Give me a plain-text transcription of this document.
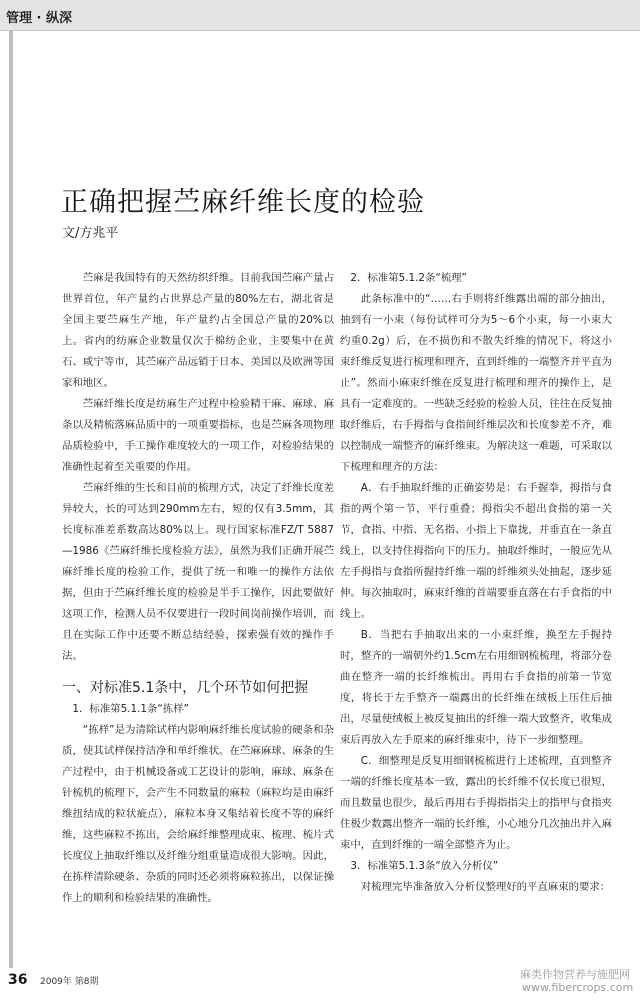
管理 · 纵深
正确把握苎麻纤维长度的检验
文/方兆平

苎麻是我国特有的天然纺织纤维。目前我国苎麻产量占世界首位，年产量约占世界总产量的80%左右，湖北省是全国主要苎麻生产地，年产量约占全国总产量的20%以上。省内的纺麻企业数量仅次于棉纺企业，主要集中在黄石、咸宁等市，其苎麻产品远销于日本、美国以及欧洲等国家和地区。

苎麻纤维长度是纺麻生产过程中检验精干麻、麻球、麻条以及精梳落麻品质中的一项重要指标，也是苎麻各项物理品质检验中，手工操作难度较大的一项工作，对检验结果的准确性起着至关重要的作用。

苎麻纤维的生长和目前的梳理方式，决定了纤维长度差异较大，长的可达到290mm左右，短的仅有3.5mm，其长度标准差系数高达80%以上。现行国家标准FZ/T 5887—1986《苎麻纤维长度检验方法》，虽然为我们正确开展苎麻纤维长度的检验工作，提供了统一和唯一的操作方法依据，但由于苎麻纤维长度的检验是半手工操作，因此要做好这项工作，检测人员不仅要进行一段时间岗前操作培训，而且在实际工作中还要不断总结经验，探索强有效的操作手法。

一、对标准5.1条中，几个环节如何把握

1．标准第5.1.1条“拣样”

“拣样”是为清除试样内影响麻纤维长度试验的硬条和杂质，使其试样保持洁净和单纤维状。在苎麻麻球、麻条的生产过程中，由于机械设备或工艺设计的影响，麻球、麻条在针梳机的梳理下，会产生不同数量的麻粒（麻粒均是由麻纤维扭结成的粒状疵点），麻粒本身又集结着长度不等的麻纤维，这些麻粒不拣出，会给麻纤维整理成束、梳理、梳片式长度仪上抽取纤维以及纤维分组重量造成很大影响。因此，在拣样清除硬条、杂质的同时还必须将麻粒拣出，以保证操作上的顺利和检验结果的准确性。

2．标准第5.1.2条“梳理”

此条标准中的“……右手则将纤维露出端的部分抽出，抽到有一小束（每份试样可分为5～6个小束，每一小束大约重0.2g）后，在不损伤和不散失纤维的情况下，将这小束纤维反复进行梳理和理齐，直到纤维的一端整齐并平直为止”。然而小麻束纤维在反复进行梳理和理齐的操作上，是具有一定难度的。一些缺乏经验的检验人员，往往在反复抽取纤维后，右手拇指与食指间纤维层次和长度参差不齐，难以控制成一端整齐的麻纤维束。为解决这一难题，可采取以下梳理和理齐的方法：

A．右手抽取纤维的正确姿势是：右手握拳，拇指与食指的两个第一节，平行重叠；拇指尖不超出食指的第一关节，食指、中指、无名指、小指上下靠拢，并垂直在一条直线上，以支持住拇指向下的压力。抽取纤维时，一般应先从左手拇指与食指所握持纤维一端的纤维须头处抽起，逐步延伸。每次抽取时，麻束纤维的首端要垂直落在右手食指的中线上。

B．当把右手抽取出来的一小束纤维，换至左手握持时，整齐的一端朝外约1.5cm左右用细钢梳梳理，将部分卷曲在整齐一端的长纤维梳出。再用右手食指的前第一节宽度，将长于左手整齐一端露出的长纤维在绒板上压住后抽出，尽量使绒板上被反复抽出的纤维一端大致整齐，收集成束后再放入左手原来的麻纤维束中，待下一步细整理。

C．细整理是反复用细钢梳梳进行上述梳理，直到整齐一端的纤维长度基本一致，露出的长纤维不仅长度已很短，而且数量也很少，最后再用右手拇指指尖上的指甲与食指夹住极少数露出整齐一端的长纤维，小心地分几次抽出并入麻束中，直到纤维的一端全部整齐为止。

3．标准第5.1.3条“放入分析仪”

对梳理完毕准备放入分析仪整理好的平直麻束的要求：

36 2009年 第8期
麻类作物营养与施肥网
www.fibercrops.com
